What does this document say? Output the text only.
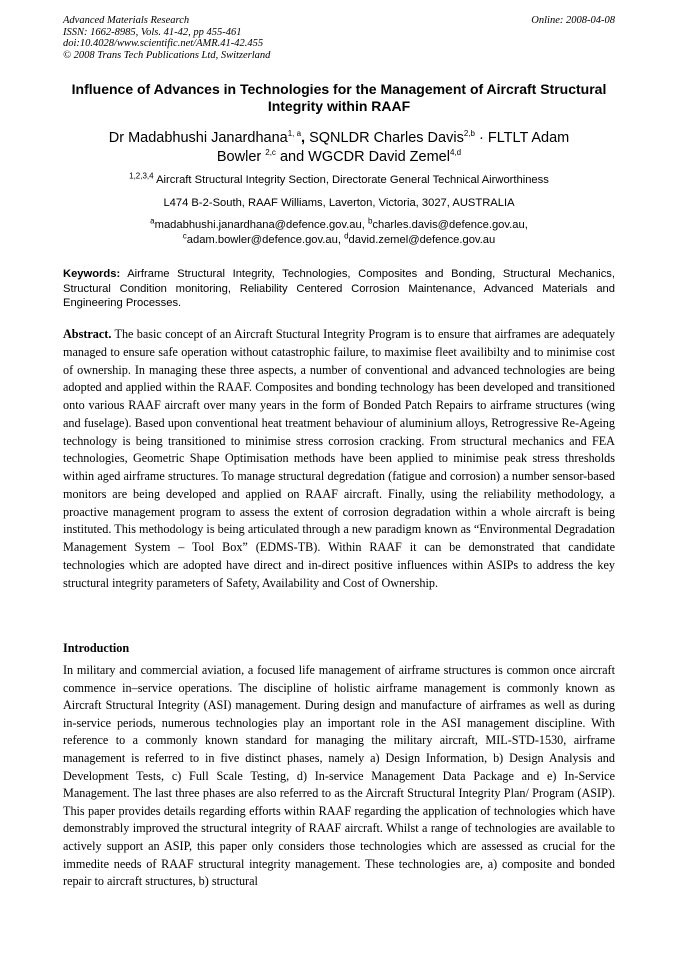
Advanced Materials Research
ISSN: 1662-8985, Vols. 41-42, pp 455-461
doi:10.4028/www.scientific.net/AMR.41-42.455
© 2008 Trans Tech Publications Ltd, Switzerland
Online: 2008-04-08
Influence of Advances in Technologies for the Management of Aircraft Structural Integrity within RAAF
Dr Madabhushi Janardhana$^{1, a}$, SQNLDR Charles Davis$^{2,b}$ · FLTLT Adam
Bowler $^{2,c}$ and WGCDR David Zemel$^{4,d}$
$^{1,2,3,4}$ Aircraft Structural Integrity Section, Directorate General Technical Airworthiness
L474 B-2-South, RAAF Williams, Laverton, Victoria, 3027, AUSTRALIA
$^a$madabhushi.janardhana@defence.gov.au, $^b$charles.davis@defence.gov.au,
$^c$adam.bowler@defence.gov.au, $^d$david.zemel@defence.gov.au
Keywords: Airframe Structural Integrity, Technologies, Composites and Bonding, Structural Mechanics, Structural Condition monitoring, Reliability Centered Corrosion Maintenance, Advanced Materials and Engineering Processes.

Abstract. The basic concept of an Aircraft Stuctural Integrity Program is to ensure that airframes are adequately managed to ensure safe operation without catastrophic failure, to maximise fleet availibilty and to minimise cost of ownership. In managing these three aspects, a number of conventional and advanced technologies are being adopted and applied within the RAAF. Composites and bonding technology has been developed and transitioned onto various RAAF aircraft over many years in the form of Bonded Patch Repairs to airframe structures (wing and fuselage). Based upon conventional heat treatment behaviour of aluminium alloys, Retrogressive Re-Ageing technology is being transitioned to minimise stress corrosion cracking. From structural mechanics and FEA technologies, Geometric Shape Optimisation methods have been applied to minimise peak stress thresholds within aged airframe structures. To manage structural degredation (fatigue and corrosion) a number sensor-based monitors are being developed and applied on RAAF aircraft. Finally, using the reliability methodology, a proactive management program to assess the extent of corrosion degradation within a whole aircraft is being instituted. This methodology is being articulated through a new paradigm known as “Environmental Degradation Management System – Tool Box” (EDMS-TB). Within RAAF it can be demonstrated that candidate technologies which are adopted have direct and in-direct positive influences within ASIPs to address the key structural integrity parameters of Safety, Availability and Cost of Ownership.

Introduction

In military and commercial aviation, a focused life management of airframe structures is common once aircraft commence in–service operations. The discipline of holistic airframe management is commonly known as Aircraft Structural Integrity (ASI) management. During design and manufacture of airframes as well as during in-service periods, numerous technologies play an important role in the ASI management discipline. With reference to a commonly known standard for managing the military aircraft, MIL-STD-1530, airframe management is referred to in five distinct phases, namely a) Design Information, b) Design Analysis and Development Tests, c) Full Scale Testing, d) In-service Management Data Package and e) In-Service Management. The last three phases are also referred to as the Aircraft Structural Integrity Plan/ Program (ASIP). This paper provides details regarding efforts within RAAF regarding the application of technologies which have demonstrably improved the structural integrity of RAAF aircraft. Whilst a range of technologies are available to actively support an ASIP, this paper only considers those technologies which are assessed as crucial for the immedite needs of RAAF structural integrity management. These technologies are, a) composite and bonded repair to aircraft structures, b) structural
